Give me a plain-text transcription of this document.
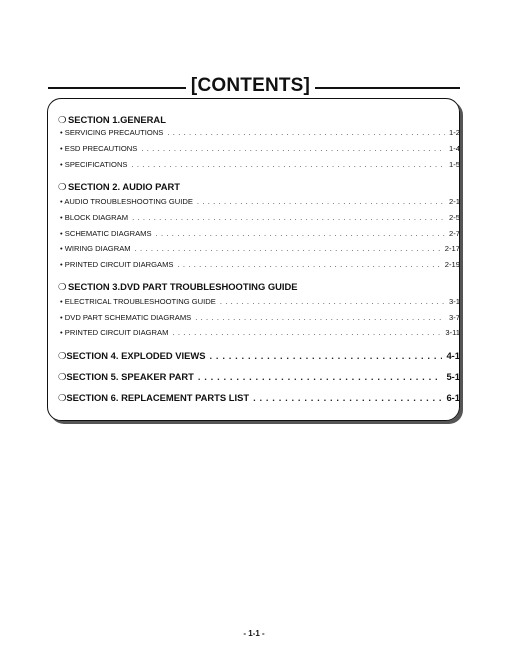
[CONTENTS]
❍ SECTION 1.GENERAL
• SERVICING PRECAUTIONS . . .	1-2
• ESD PRECAUTIONS . . .	1-4
• SPECIFICATIONS . . .	1-5
❍ SECTION 2. AUDIO PART
• AUDIO TROUBLESHOOTING GUIDE . . .	2-1
• BLOCK DIAGRAM . . .	2-5
• SCHEMATIC DIAGRAMS . . .	2-7
• WIRING DIAGRAM . . .	2-17
• PRINTED CIRCUIT DIARGAMS . . .	2-19
❍ SECTION 3.DVD PART TROUBLESHOOTING GUIDE
• ELECTRICAL TROUBLESHOOTING GUIDE . . .	3-1
• DVD PART SCHEMATIC DIAGRAMS . . .	3-7
• PRINTED CIRCUIT DIAGRAM . . .	3-11
❍ SECTION 4. EXPLODED VIEWS . . .	4-1
❍ SECTION 5. SPEAKER PART . . .	5-1
❍ SECTION 6. REPLACEMENT PARTS LIST . . .	6-1
- 1-1 -
